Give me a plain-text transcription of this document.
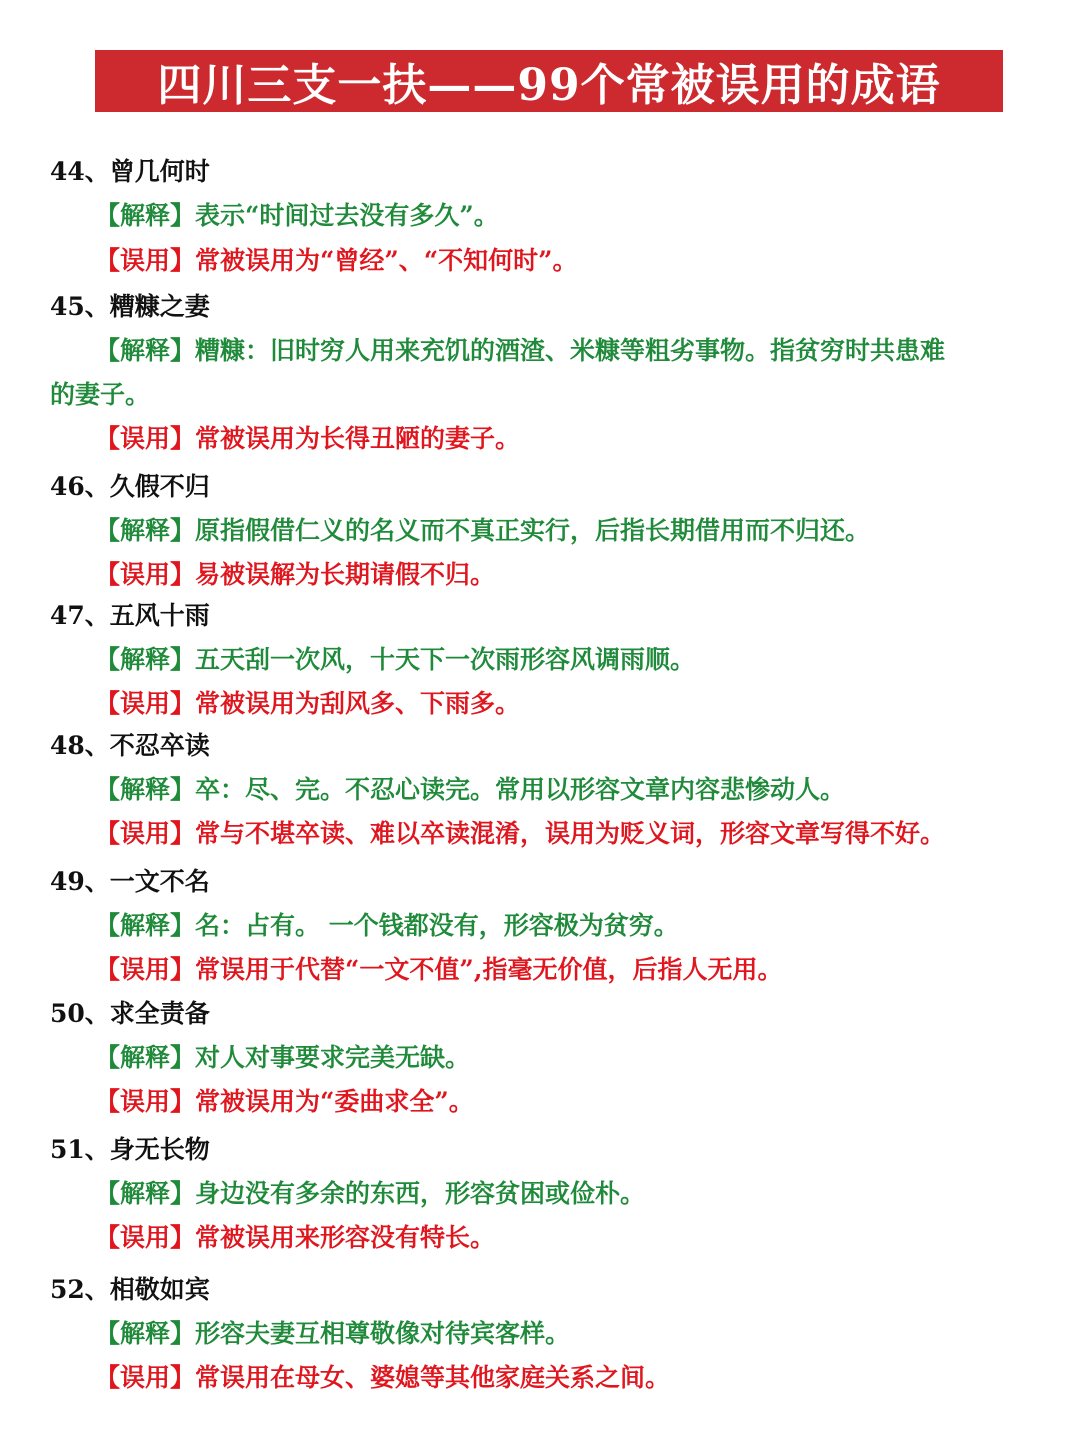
四川三支一扶——99个常被误用的成语
44、曾几何时
【解释】表示“时间过去没有多久”。
【误用】常被误用为“曾经”、“不知何时”。
45、糟糠之妻
【解释】糟糠：旧时穷人用来充饥的酒渣、米糠等粗劣事物。指贫穷时共患难
的妻子。
【误用】常被误用为长得丑陋的妻子。
46、久假不归
【解释】原指假借仁义的名义而不真正实行，后指长期借用而不归还。
【误用】易被误解为长期请假不归。
47、五风十雨
【解释】五天刮一次风，十天下一次雨形容风调雨顺。
【误用】常被误用为刮风多、下雨多。
48、不忍卒读
【解释】卒：尽、完。不忍心读完。常用以形容文章内容悲惨动人。
【误用】常与不堪卒读、难以卒读混淆，误用为贬义词，形容文章写得不好。
49、一文不名
【解释】名：占有。 一个钱都没有，形容极为贫穷。
【误用】常误用于代替“一文不值”,指毫无价值，后指人无用。
50、求全责备
【解释】对人对事要求完美无缺。
【误用】常被误用为“委曲求全”。
51、身无长物
【解释】身边没有多余的东西，形容贫困或俭朴。
【误用】常被误用来形容没有特长。
52、相敬如宾
【解释】形容夫妻互相尊敬像对待宾客样。
【误用】常误用在母女、婆媳等其他家庭关系之间。
